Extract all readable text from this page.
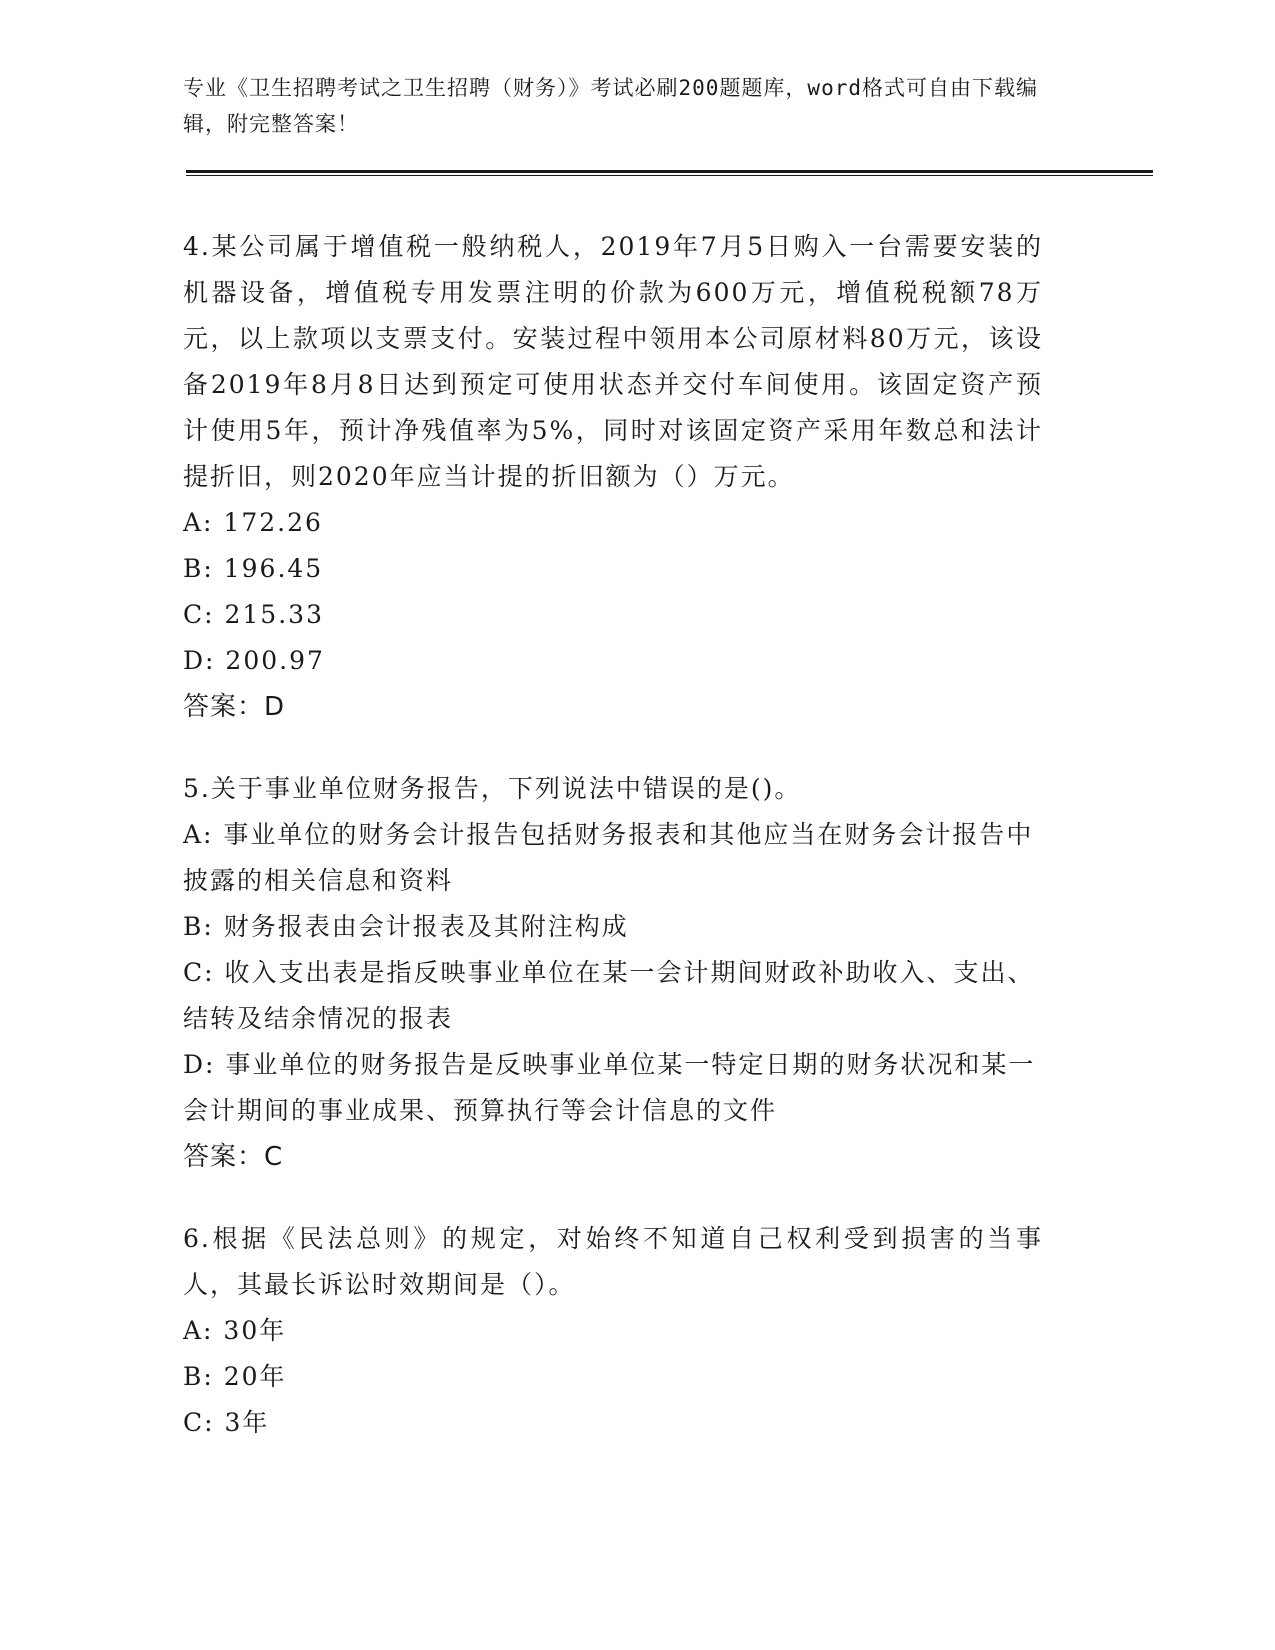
专业《卫生招聘考试之卫生招聘（财务）》考试必刷200题题库，word格式可自由下载编辑，附完整答案！
4.某公司属于增值税一般纳税人，2019年7月5日购入一台需要安装的机器设备，增值税专用发票注明的价款为600万元，增值税税额78万元，以上款项以支票支付。安装过程中领用本公司原材料80万元，该设备2019年8月8日达到预定可使用状态并交付车间使用。该固定资产预计使用5年，预计净残值率为5%，同时对该固定资产采用年数总和法计提折旧，则2020年应当计提的折旧额为（）万元。
A: 172.26
B: 196.45
C: 215.33
D: 200.97
答案：D
5.关于事业单位财务报告，下列说法中错误的是()。
A: 事业单位的财务会计报告包括财务报表和其他应当在财务会计报告中披露的相关信息和资料
B: 财务报表由会计报表及其附注构成
C: 收入支出表是指反映事业单位在某一会计期间财政补助收入、支出、结转及结余情况的报表
D: 事业单位的财务报告是反映事业单位某一特定日期的财务状况和某一会计期间的事业成果、预算执行等会计信息的文件
答案：C
6.根据《民法总则》的规定，对始终不知道自己权利受到损害的当事人，其最长诉讼时效期间是（）。
A: 30年
B: 20年
C: 3年
